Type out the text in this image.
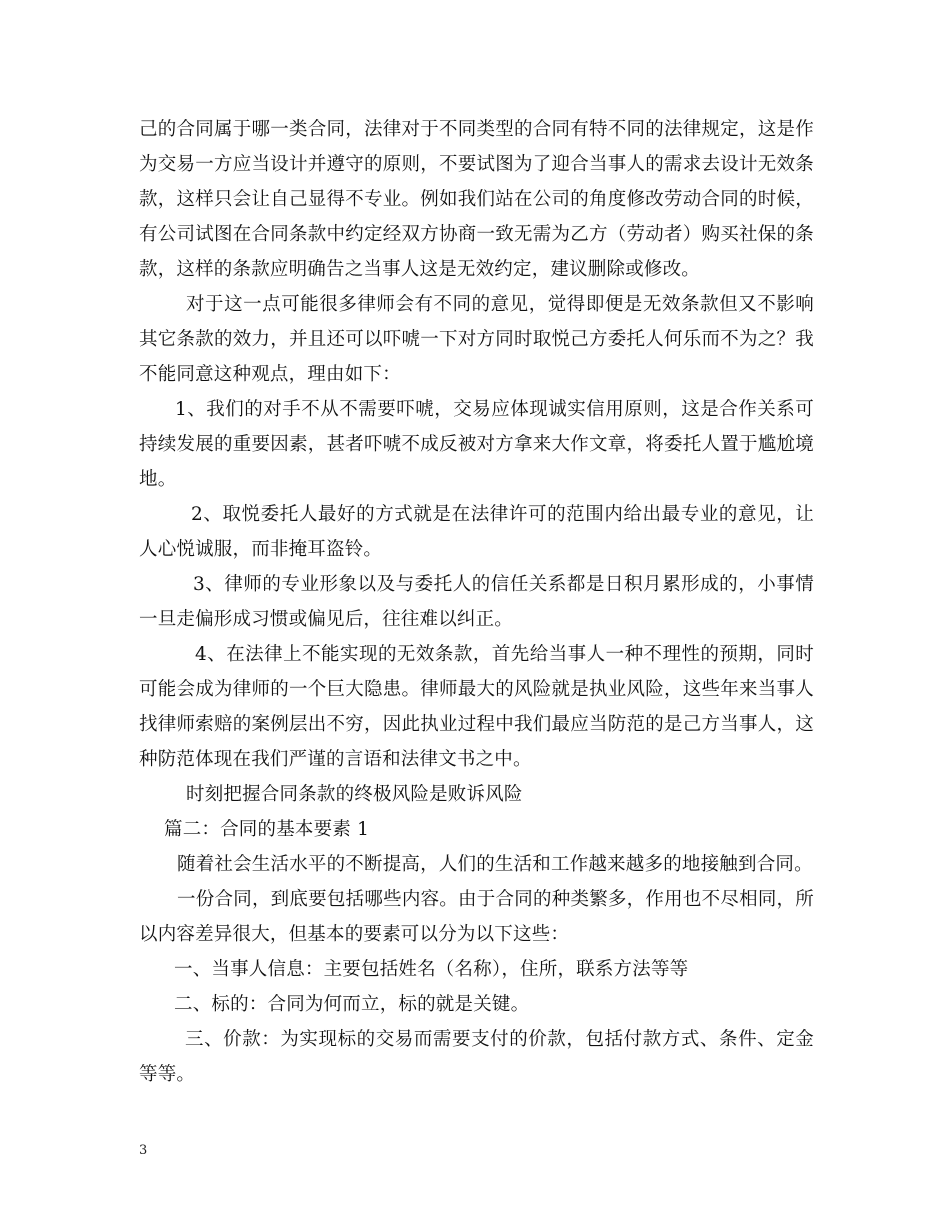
己的合同属于哪一类合同，法律对于不同类型的合同有特不同的法律规定，这是作为交易一方应当设计并遵守的原则，不要试图为了迎合当事人的需求去设计无效条款，这样只会让自己显得不专业。例如我们站在公司的角度修改劳动合同的时候，有公司试图在合同条款中约定经双方协商一致无需为乙方（劳动者）购买社保的条款，这样的条款应明确告之当事人这是无效约定，建议删除或修改。

对于这一点可能很多律师会有不同的意见，觉得即便是无效条款但又不影响其它条款的效力，并且还可以吓唬一下对方同时取悦己方委托人何乐而不为之？我不能同意这种观点，理由如下：

1、我们的对手不从不需要吓唬，交易应体现诚实信用原则，这是合作关系可持续发展的重要因素，甚者吓唬不成反被对方拿来大作文章，将委托人置于尴尬境地。

2、取悦委托人最好的方式就是在法律许可的范围内给出最专业的意见，让人心悦诚服，而非掩耳盗铃。

3、律师的专业形象以及与委托人的信任关系都是日积月累形成的，小事情一旦走偏形成习惯或偏见后，往往难以纠正。

4、在法律上不能实现的无效条款，首先给当事人一种不理性的预期，同时可能会成为律师的一个巨大隐患。律师最大的风险就是执业风险，这些年来当事人找律师索赔的案例层出不穷，因此执业过程中我们最应当防范的是己方当事人，这种防范体现在我们严谨的言语和法律文书之中。

时刻把握合同条款的终极风险是败诉风险

篇二：合同的基本要素 1

随着社会生活水平的不断提高，人们的生活和工作越来越多的地接触到合同。

一份合同，到底要包括哪些内容。由于合同的种类繁多，作用也不尽相同，所以内容差异很大，但基本的要素可以分为以下这些：

一、当事人信息：主要包括姓名（名称），住所，联系方法等等

二、标的：合同为何而立，标的就是关键。

三、价款：为实现标的交易而需要支付的价款，包括付款方式、条件、定金等等。

3
